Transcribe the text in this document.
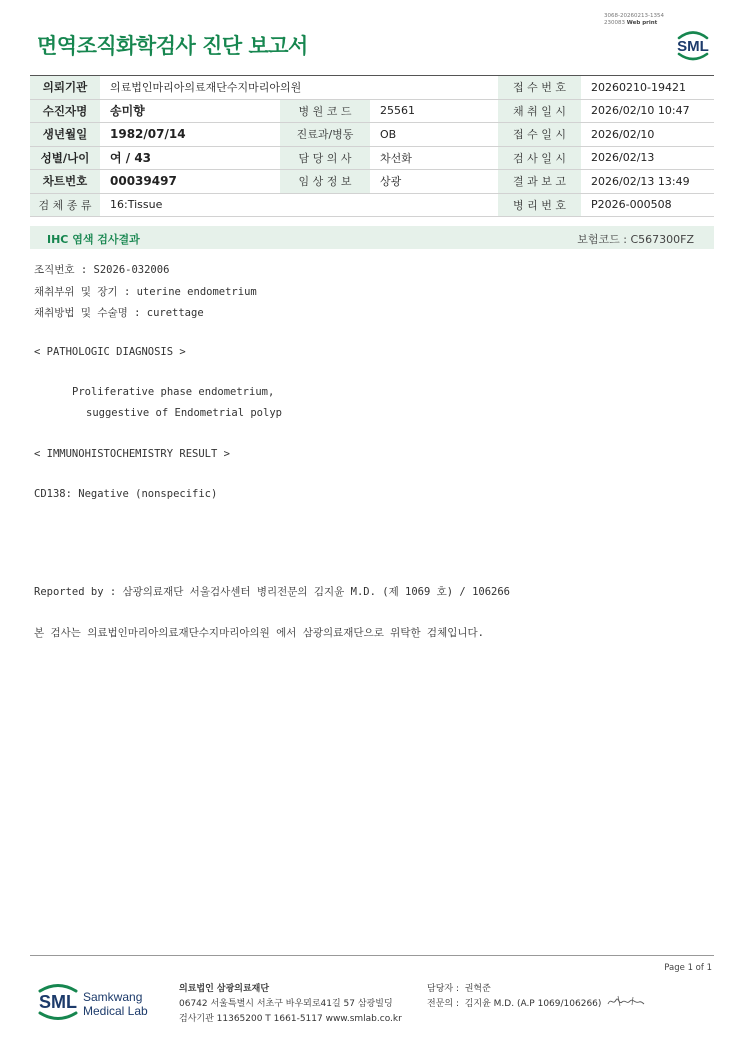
3068-20260213-1354
230083 Web print
면역조직화학검사 진단 보고서	SML
의뢰기관	의료법인마리아의료재단수지마리아의원			접 수 번 호	20260210-19421
수진자명	송미향	병 원 코 드	25561	채 취 일 시	2026/02/10 10:47
생년월일	1982/07/14	진료과/병동	OB	접 수 일 시	2026/02/10
성별/나이	여 / 43	담 당 의 사	차선화	검 사 일 시	2026/02/13
차트번호	00039497	임 상 정 보	상광	결 과 보 고	2026/02/13 13:49
검 체 종 류	16:Tissue			병 리 번 호	P2026-000508
IHC 염색 검사결과	보험코드 : C567300FZ
조직번호 : S2026-032006
채취부위 및 장기 : uterine endometrium
채취방법 및 수술명 : curettage
< PATHOLOGIC DIAGNOSIS >
Proliferative phase endometrium,
suggestive of Endometrial polyp
< IMMUNOHISTOCHEMISTRY RESULT >
CD138: Negative (nonspecific)
Reported by : 삼광의료재단 서울검사센터 병리전문의 김지윤 M.D. (제 1069 호) / 106266
본 검사는 의료법인마리아의료재단수지마리아의원 에서 삼광의료재단으로 위탁한 검체입니다.
Page 1 of 1
SML Samkwang
Medical Lab
의료법인 삼광의료재단
06742 서울특별시 서초구 바우뫼로41길 57 삼광빌딩
검사기관 11365200 T 1661-5117 www.smlab.co.kr
담당자 : 권혁준
전문의 : 김지윤 M.D. (A.P 1069/106266)
